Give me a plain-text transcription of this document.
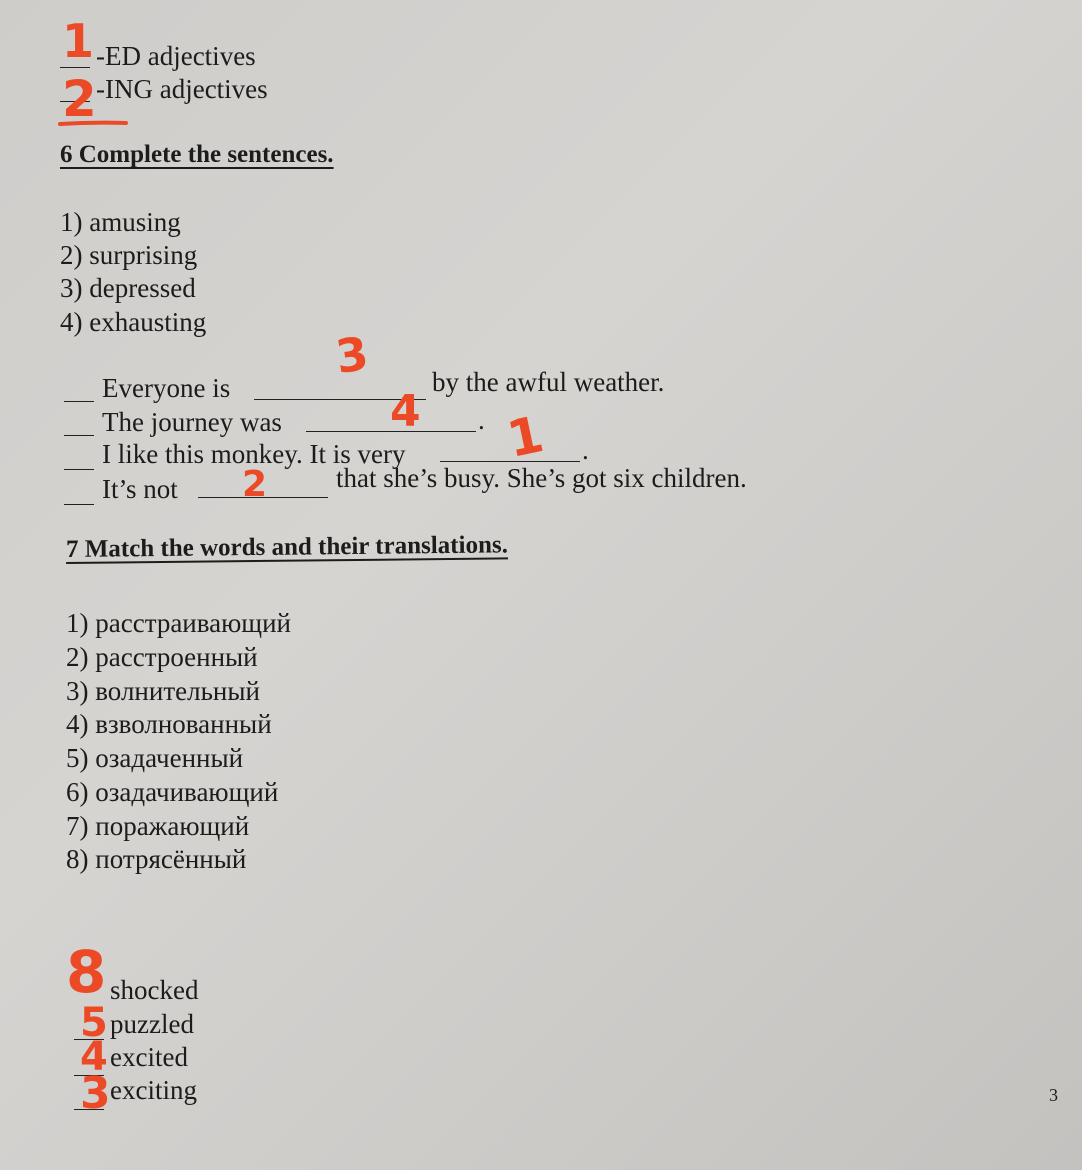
1 -ED adjectives
2 -ING adjectives
6 Complete the sentences.
1) amusing
2) surprising
3) depressed
4) exhausting
Everyone is
3 by the awful weather.
The journey was 4 .
I like this monkey. It is very 1 .
It’s not 2	that she’s busy. She’s got six children.
7 Match the words and their translations.
1) расстраивающий
2) расстроенный
3) волнительный
4) взволнованный
5) озадаченный
6) озадачивающий
7) поражающий
8) потрясённый
8 shocked
5 puzzled
4 excited
3 exciting	3
